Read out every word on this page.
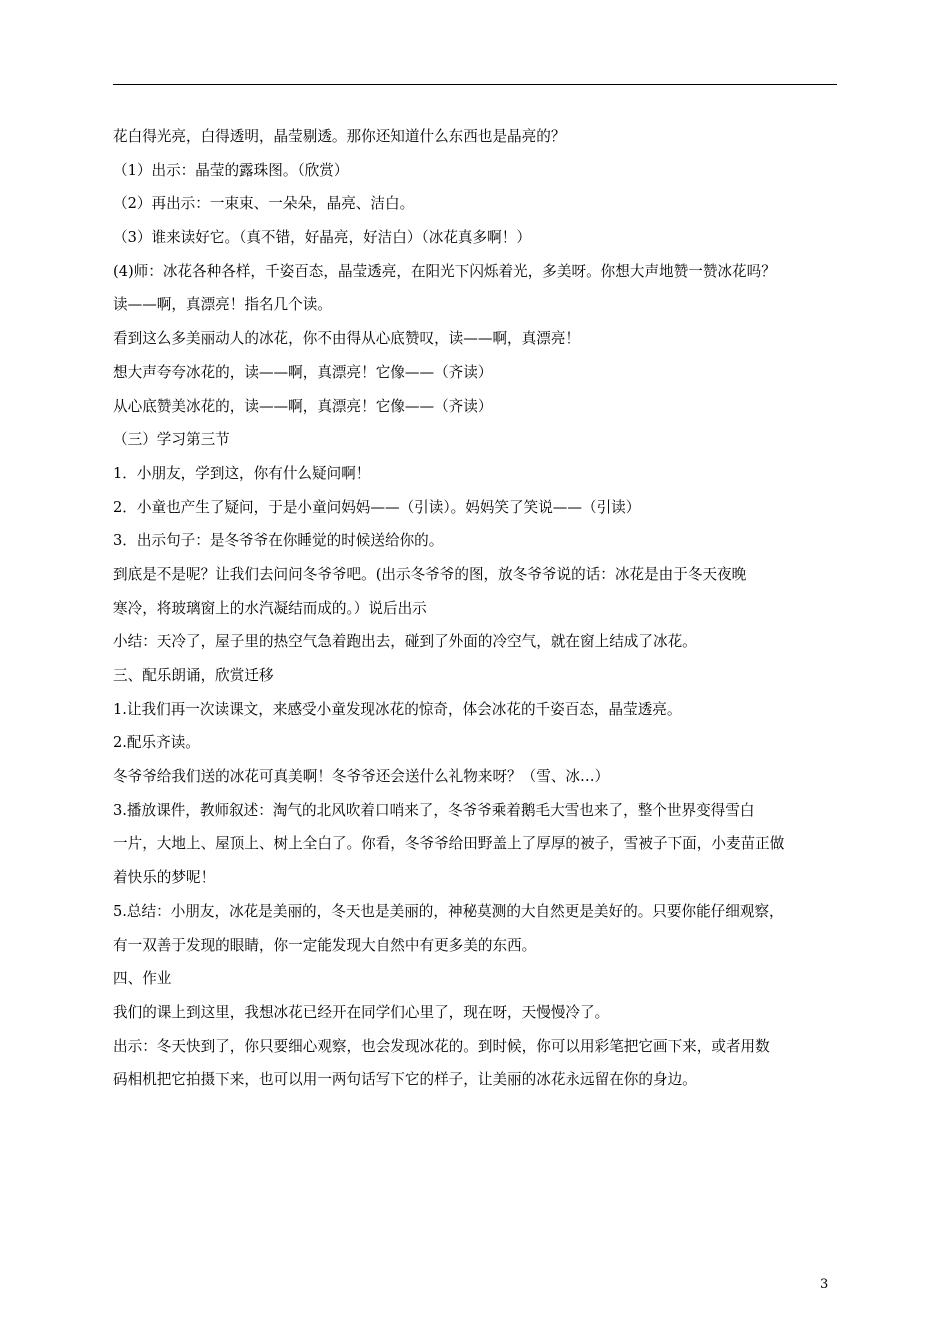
花白得光亮，白得透明，晶莹剔透。那你还知道什么东西也是晶亮的？
（1）出示：晶莹的露珠图。（欣赏）
（2）再出示：一束束、一朵朵，晶亮、洁白。
（3）谁来读好它。（真不错，好晶亮，好洁白）（冰花真多啊！）
(4)师：冰花各种各样，千姿百态，晶莹透亮，在阳光下闪烁着光，多美呀。你想大声地赞一赞冰花吗？
读——啊，真漂亮！指名几个读。
看到这么多美丽动人的冰花，你不由得从心底赞叹，读——啊，真漂亮！
想大声夸夸冰花的，读——啊，真漂亮！它像——（齐读）
从心底赞美冰花的，读——啊，真漂亮！它像——（齐读）
（三）学习第三节
1．小朋友，学到这，你有什么疑问啊！
2．小童也产生了疑问，于是小童问妈妈——（引读）。妈妈笑了笑说——（引读）
3．出示句子：是冬爷爷在你睡觉的时候送给你的。
到底是不是呢？让我们去问问冬爷爷吧。(出示冬爷爷的图，放冬爷爷说的话：冰花是由于冬天夜晚
寒冷，将玻璃窗上的水汽凝结而成的。）说后出示
小结：天冷了，屋子里的热空气急着跑出去，碰到了外面的冷空气，就在窗上结成了冰花。
三、配乐朗诵，欣赏迁移
1.让我们再一次读课文，来感受小童发现冰花的惊奇，体会冰花的千姿百态，晶莹透亮。
2.配乐齐读。
冬爷爷给我们送的冰花可真美啊！冬爷爷还会送什么礼物来呀？（雪、冰…）
3.播放课件，教师叙述：淘气的北风吹着口哨来了，冬爷爷乘着鹅毛大雪也来了，整个世界变得雪白
一片，大地上、屋顶上、树上全白了。你看，冬爷爷给田野盖上了厚厚的被子，雪被子下面，小麦苗正做
着快乐的梦呢！
5.总结：小朋友，冰花是美丽的，冬天也是美丽的，神秘莫测的大自然更是美好的。只要你能仔细观察，
有一双善于发现的眼睛，你一定能发现大自然中有更多美的东西。
四、作业
我们的课上到这里，我想冰花已经开在同学们心里了，现在呀，天慢慢冷了。
出示：冬天快到了，你只要细心观察，也会发现冰花的。到时候，你可以用彩笔把它画下来，或者用数
码相机把它拍摄下来，也可以用一两句话写下它的样子，让美丽的冰花永远留在你的身边。
3
